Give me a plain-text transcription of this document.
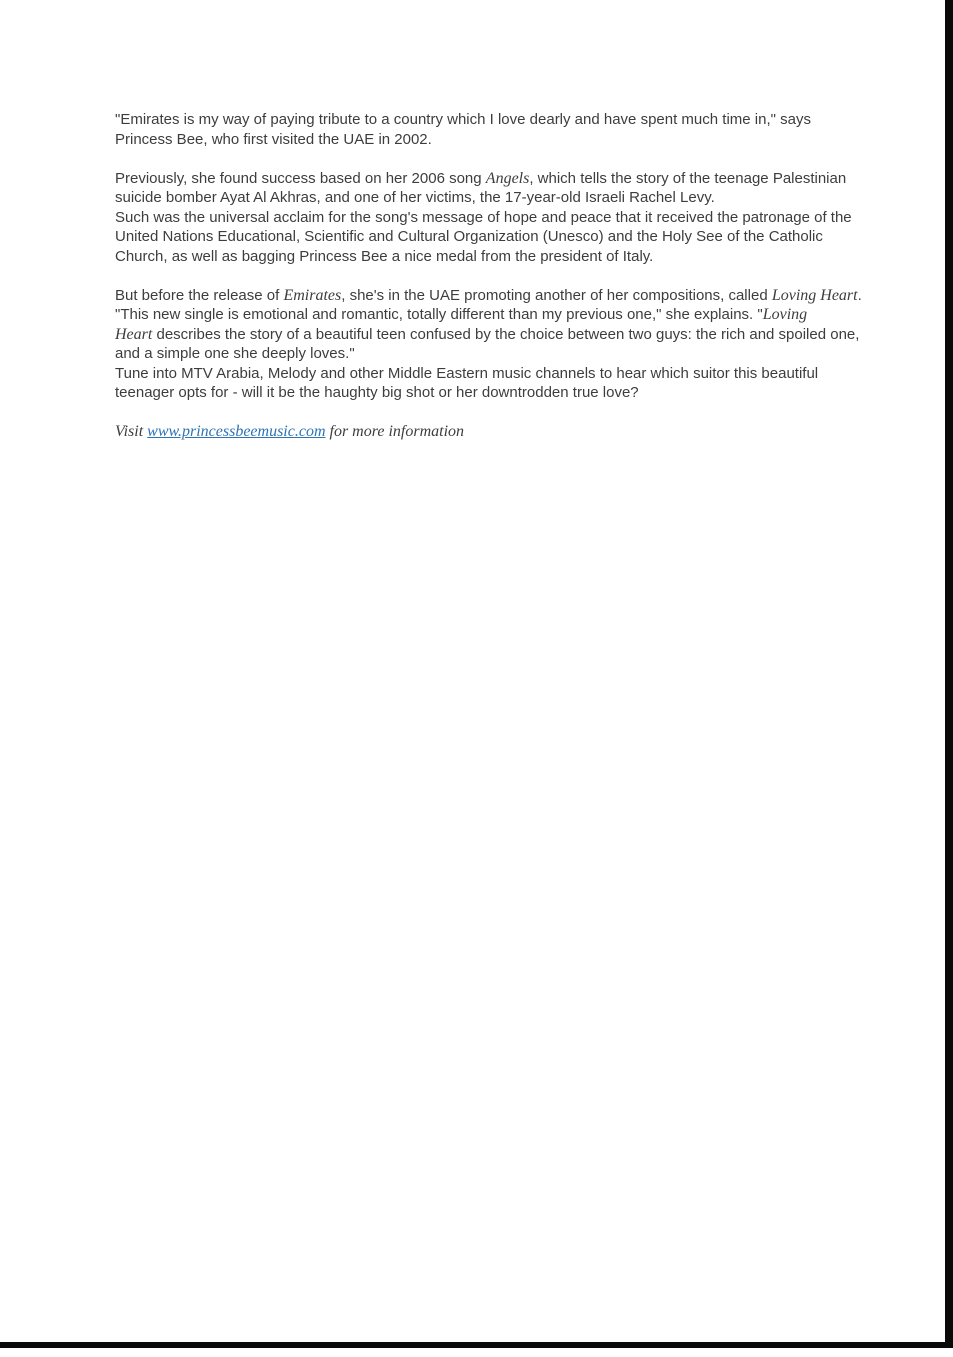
"Emirates is my way of paying tribute to a country which I love dearly and have spent much time in," says
Princess Bee, who first visited the UAE in 2002.
Previously, she found success based on her 2006 song Angels, which tells the story of the teenage Palestinian
suicide bomber Ayat Al Akhras, and one of her victims, the 17-year-old Israeli Rachel Levy.
Such was the universal acclaim for the song's message of hope and peace that it received the patronage of the
United Nations Educational, Scientific and Cultural Organization (Unesco) and the Holy See of the Catholic
Church, as well as bagging Princess Bee a nice medal from the president of Italy.
But before the release of Emirates, she's in the UAE promoting another of her compositions, called Loving Heart.
"This new single is emotional and romantic, totally different than my previous one," she explains. "Loving
Heart describes the story of a beautiful teen confused by the choice between two guys: the rich and spoiled one,
and a simple one she deeply loves."
Tune into MTV Arabia, Melody and other Middle Eastern music channels to hear which suitor this beautiful
teenager opts for - will it be the haughty big shot or her downtrodden true love?
Visit www.princessbeemusic.com for more information
